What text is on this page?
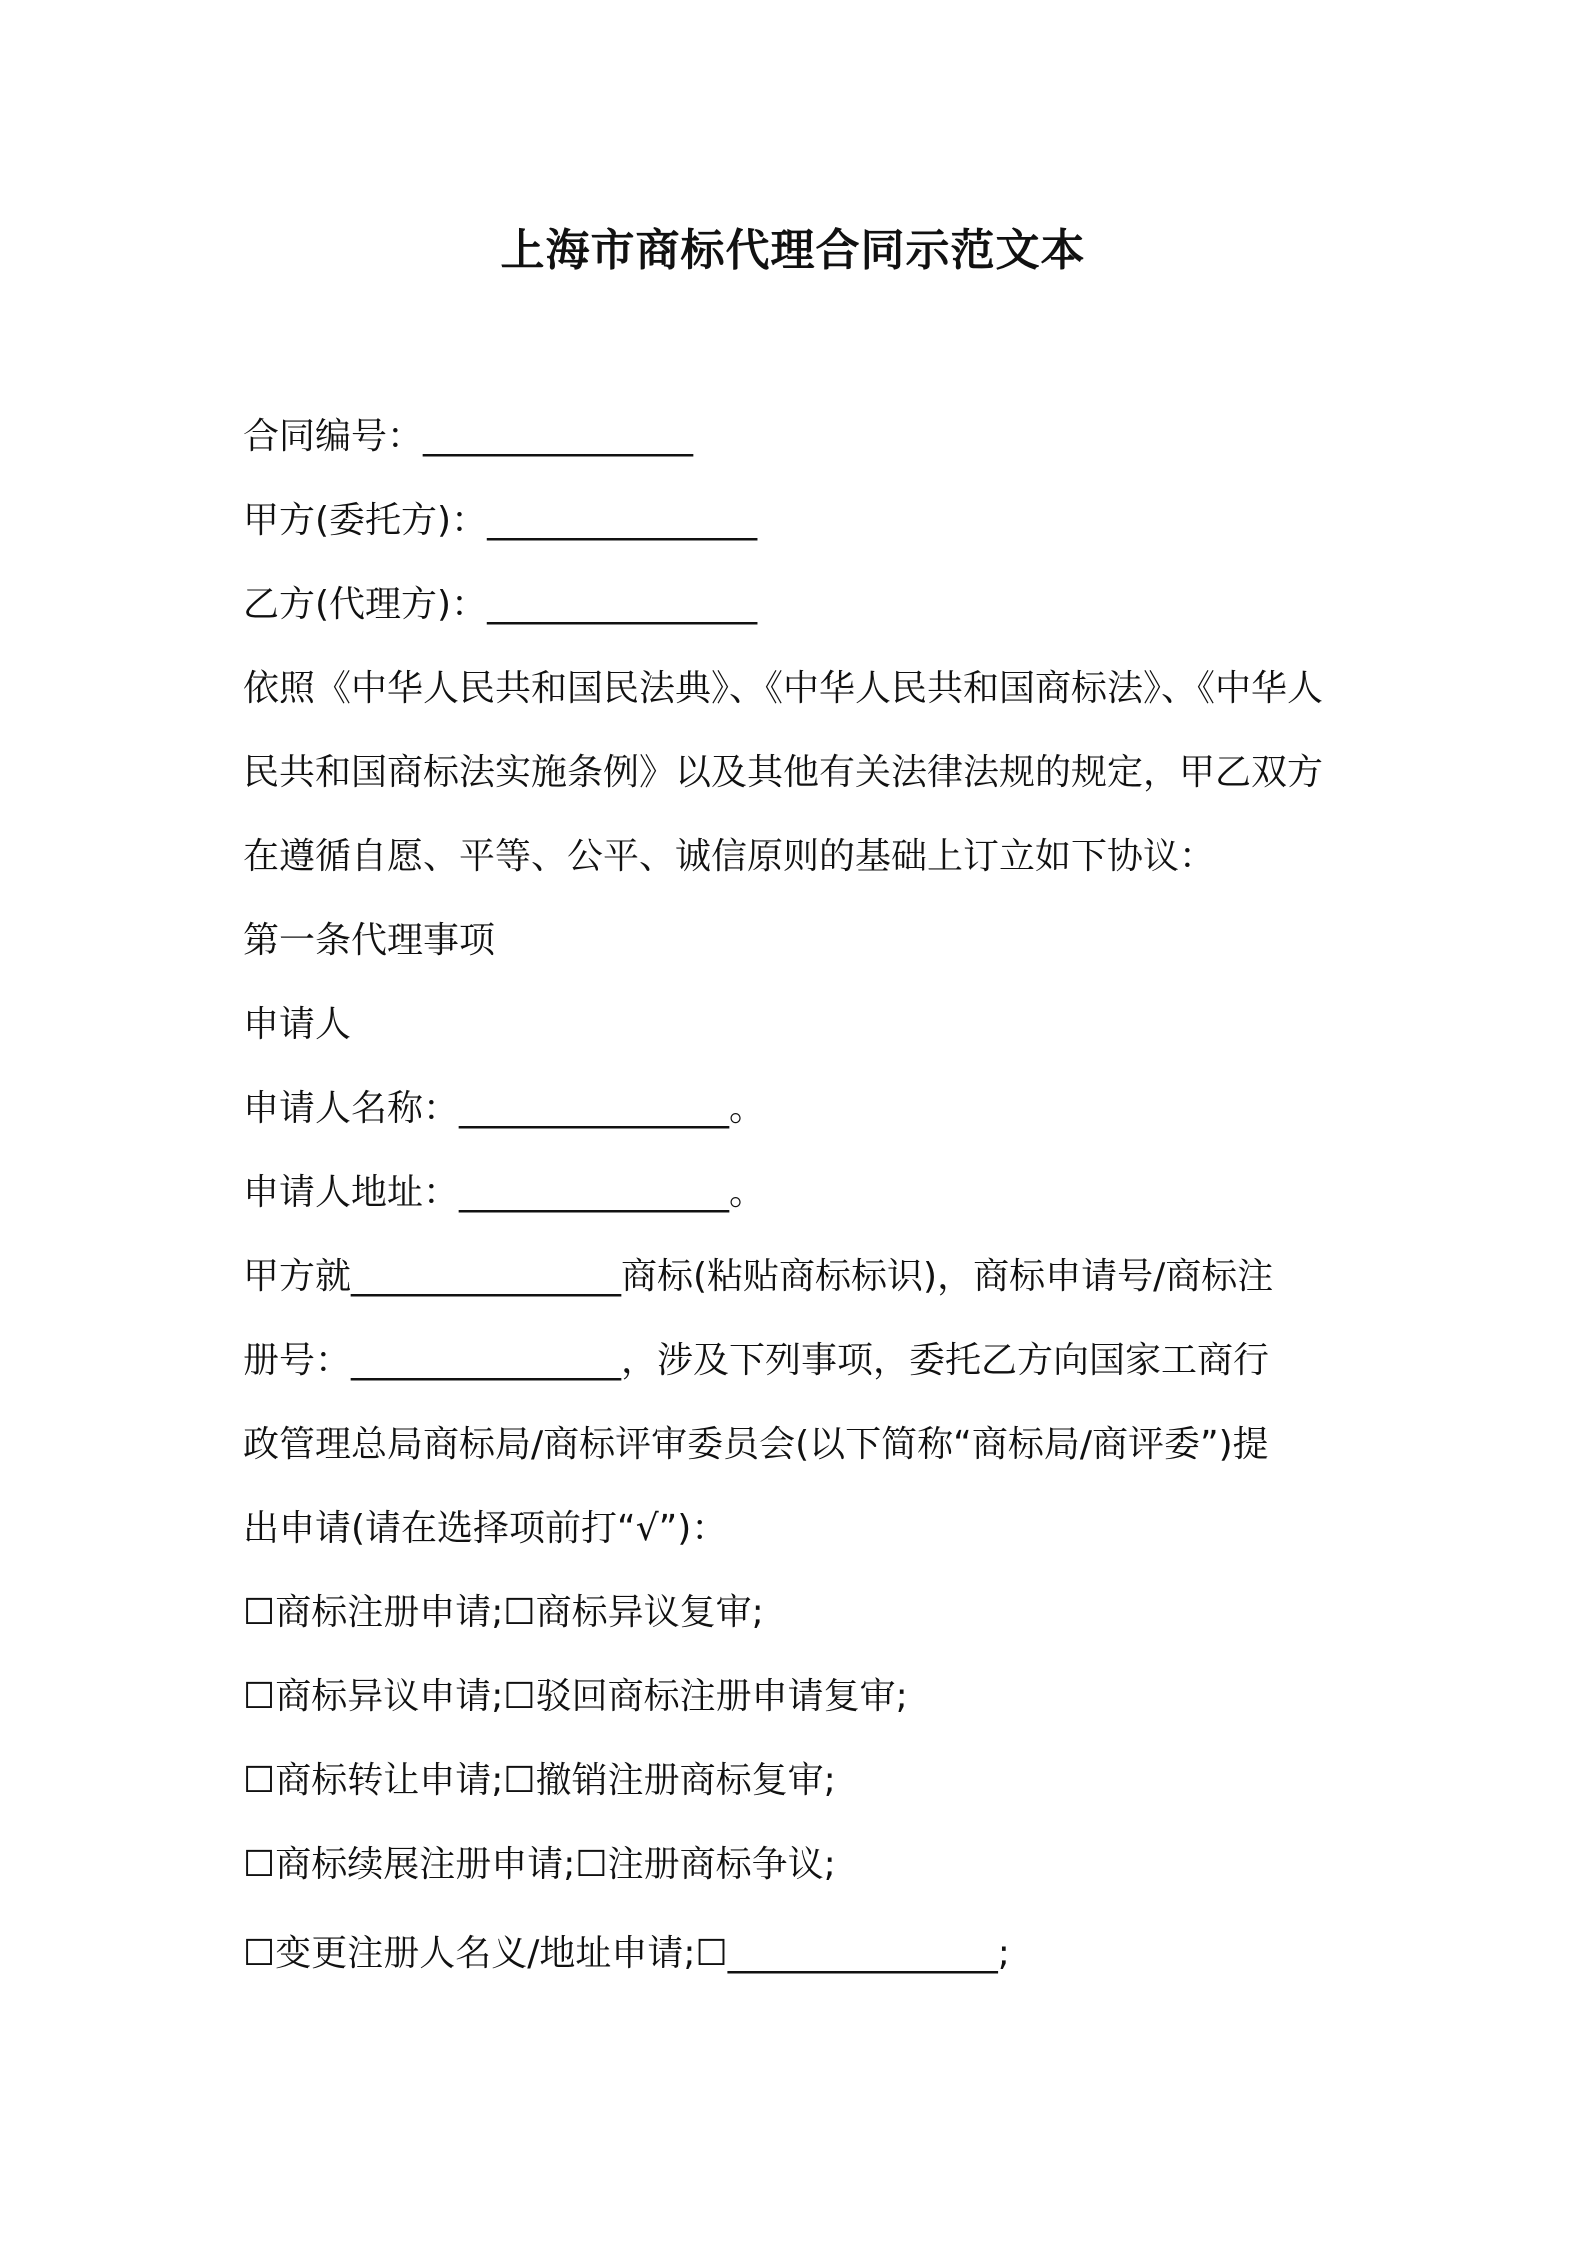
上海市商标代理合同示范文本
合同编号：_______________
甲方(委托方)：_______________
乙方(代理方)：_______________
依照《中华人民共和国民法典》、《中华人民共和国商标法》、《中华人
民共和国商标法实施条例》以及其他有关法律法规的规定，甲乙双方
在遵循自愿、平等、公平、诚信原则的基础上订立如下协议：
第一条代理事项
申请人
申请人名称：_______________。
申请人地址：_______________。
甲方就_______________商标(粘贴商标标识)，商标申请号/商标注
册号：_______________，涉及下列事项，委托乙方向国家工商行
政管理总局商标局/商标评审委员会(以下简称“商标局/商评委”)提
出申请(请在选择项前打“√”)：
☐商标注册申请;☐商标异议复审;
☐商标异议申请;☐驳回商标注册申请复审;
☐商标转让申请;☐撤销注册商标复审;
☐商标续展注册申请;☐注册商标争议;
☐变更注册人名义/地址申请;☐_______________;
